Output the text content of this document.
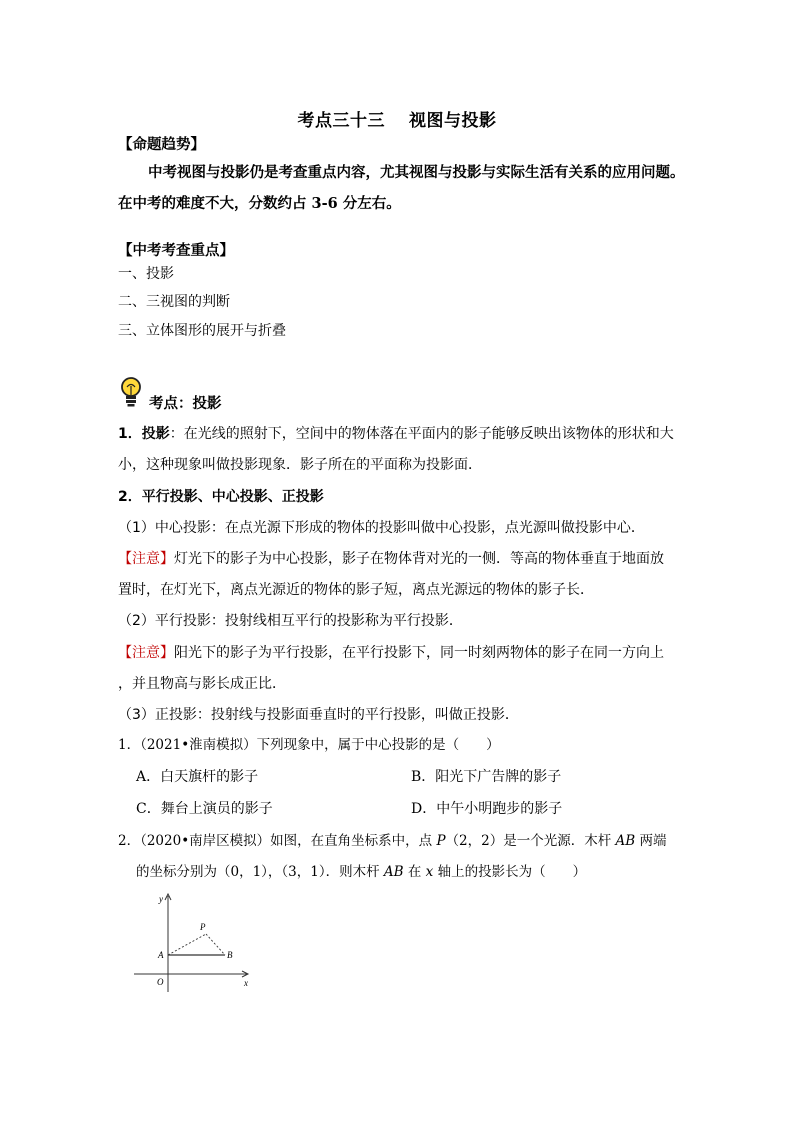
考点三十三 视图与投影
【命题趋势】
中考视图与投影仍是考查重点内容，尤其视图与投影与实际生活有关系的应用问题。
在中考的难度不大，分数约占 3-6 分左右。
【中考考查重点】
一、投影
二、三视图的判断
三、立体图形的展开与折叠
考点：投影
1．投影：在光线的照射下，空间中的物体落在平面内的影子能够反映出该物体的形状和大
小，这种现象叫做投影现象．影子所在的平面称为投影面．
2．平行投影、中心投影、正投影
（1）中心投影：在点光源下形成的物体的投影叫做中心投影，点光源叫做投影中心．
【注意】灯光下的影子为中心投影，影子在物体背对光的一侧．等高的物体垂直于地面放
置时，在灯光下，离点光源近的物体的影子短，离点光源远的物体的影子长．
（2）平行投影：投射线相互平行的投影称为平行投影．
【注意】阳光下的影子为平行投影，在平行投影下，同一时刻两物体的影子在同一方向上
，并且物高与影长成正比．
（3）正投影：投射线与投影面垂直时的平行投影，叫做正投影．
1．（2021•淮南模拟）下列现象中，属于中心投影的是（　　）
A．白天旗杆的影子	B．阳光下广告牌的影子
C．舞台上演员的影子	D．中午小明跑步的影子
2．（2020•南岸区模拟）如图，在直角坐标系中，点 P（2，2）是一个光源．木杆 AB 两端
的坐标分别为（0，1），（3，1）．则木杆 AB 在 x 轴上的投影长为（　　）
y
x
O
A	B
P
